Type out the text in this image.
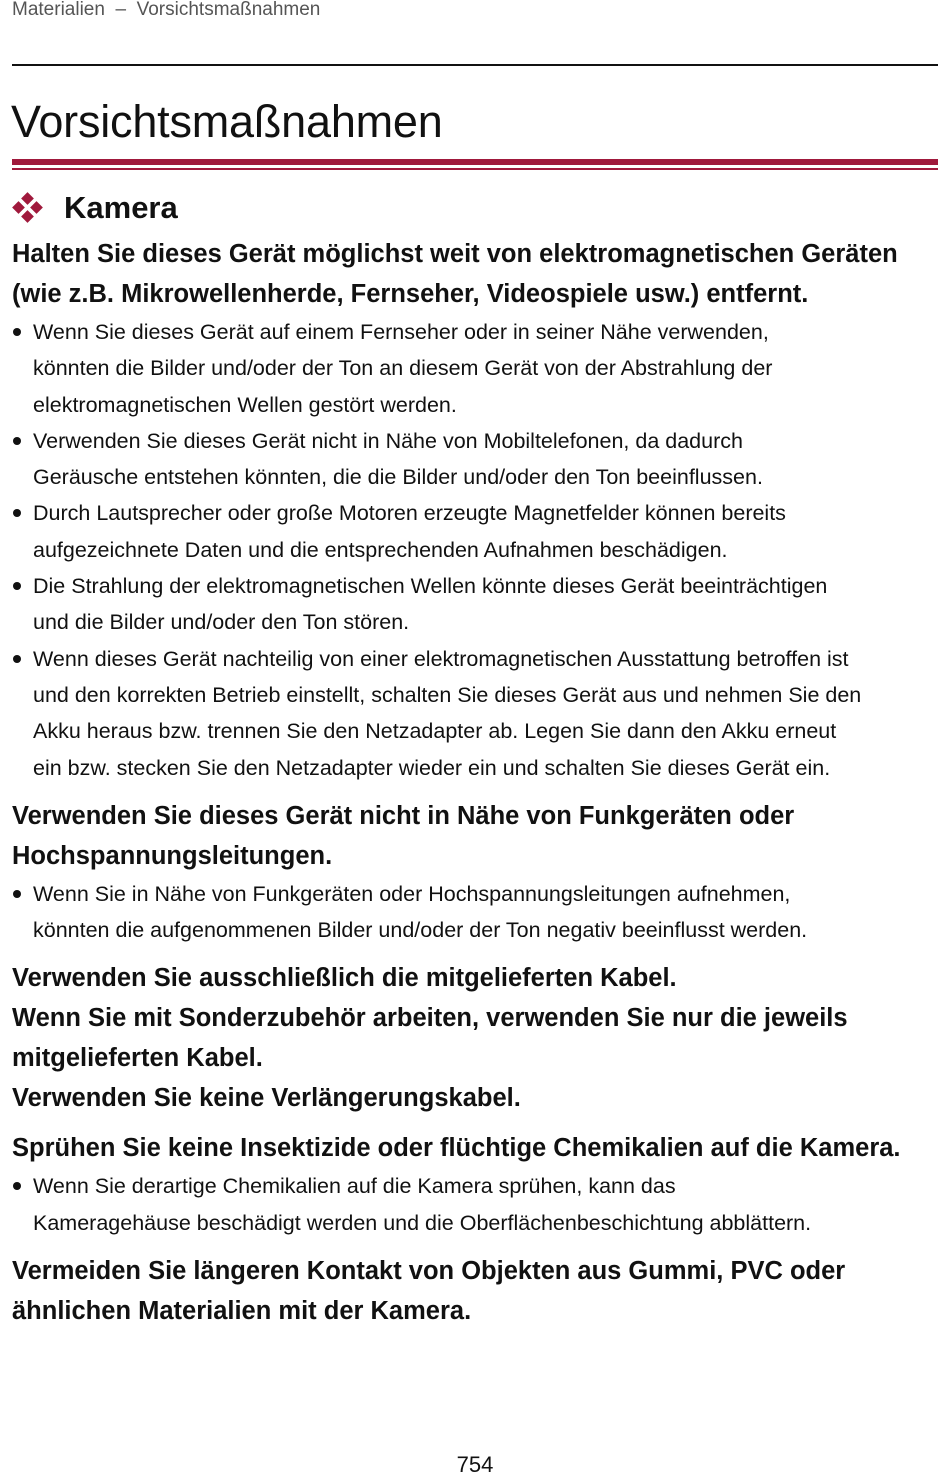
Materialien  –  Vorsichtsmaßnahmen
Vorsichtsmaßnahmen
Kamera
Halten Sie dieses Gerät möglichst weit von elektromagnetischen Geräten
(wie z.B. Mikrowellenherde, Fernseher, Videospiele usw.) entfernt.
Wenn Sie dieses Gerät auf einem Fernseher oder in seiner Nähe verwenden,
könnten die Bilder und/oder der Ton an diesem Gerät von der Abstrahlung der
elektromagnetischen Wellen gestört werden.
Verwenden Sie dieses Gerät nicht in Nähe von Mobiltelefonen, da dadurch
Geräusche entstehen könnten, die die Bilder und/oder den Ton beeinflussen.
Durch Lautsprecher oder große Motoren erzeugte Magnetfelder können bereits
aufgezeichnete Daten und die entsprechenden Aufnahmen beschädigen.
Die Strahlung der elektromagnetischen Wellen könnte dieses Gerät beeinträchtigen
und die Bilder und/oder den Ton stören.
Wenn dieses Gerät nachteilig von einer elektromagnetischen Ausstattung betroffen ist
und den korrekten Betrieb einstellt, schalten Sie dieses Gerät aus und nehmen Sie den
Akku heraus bzw. trennen Sie den Netzadapter ab. Legen Sie dann den Akku erneut
ein bzw. stecken Sie den Netzadapter wieder ein und schalten Sie dieses Gerät ein.
Verwenden Sie dieses Gerät nicht in Nähe von Funkgeräten oder
Hochspannungsleitungen.
Wenn Sie in Nähe von Funkgeräten oder Hochspannungsleitungen aufnehmen,
könnten die aufgenommenen Bilder und/oder der Ton negativ beeinflusst werden.
Verwenden Sie ausschließlich die mitgelieferten Kabel.
Wenn Sie mit Sonderzubehör arbeiten, verwenden Sie nur die jeweils
mitgelieferten Kabel.
Verwenden Sie keine Verlängerungskabel.
Sprühen Sie keine Insektizide oder flüchtige Chemikalien auf die Kamera.
Wenn Sie derartige Chemikalien auf die Kamera sprühen, kann das
Kameragehäuse beschädigt werden und die Oberflächenbeschichtung abblättern.
Vermeiden Sie längeren Kontakt von Objekten aus Gummi, PVC oder
ähnlichen Materialien mit der Kamera.
754
